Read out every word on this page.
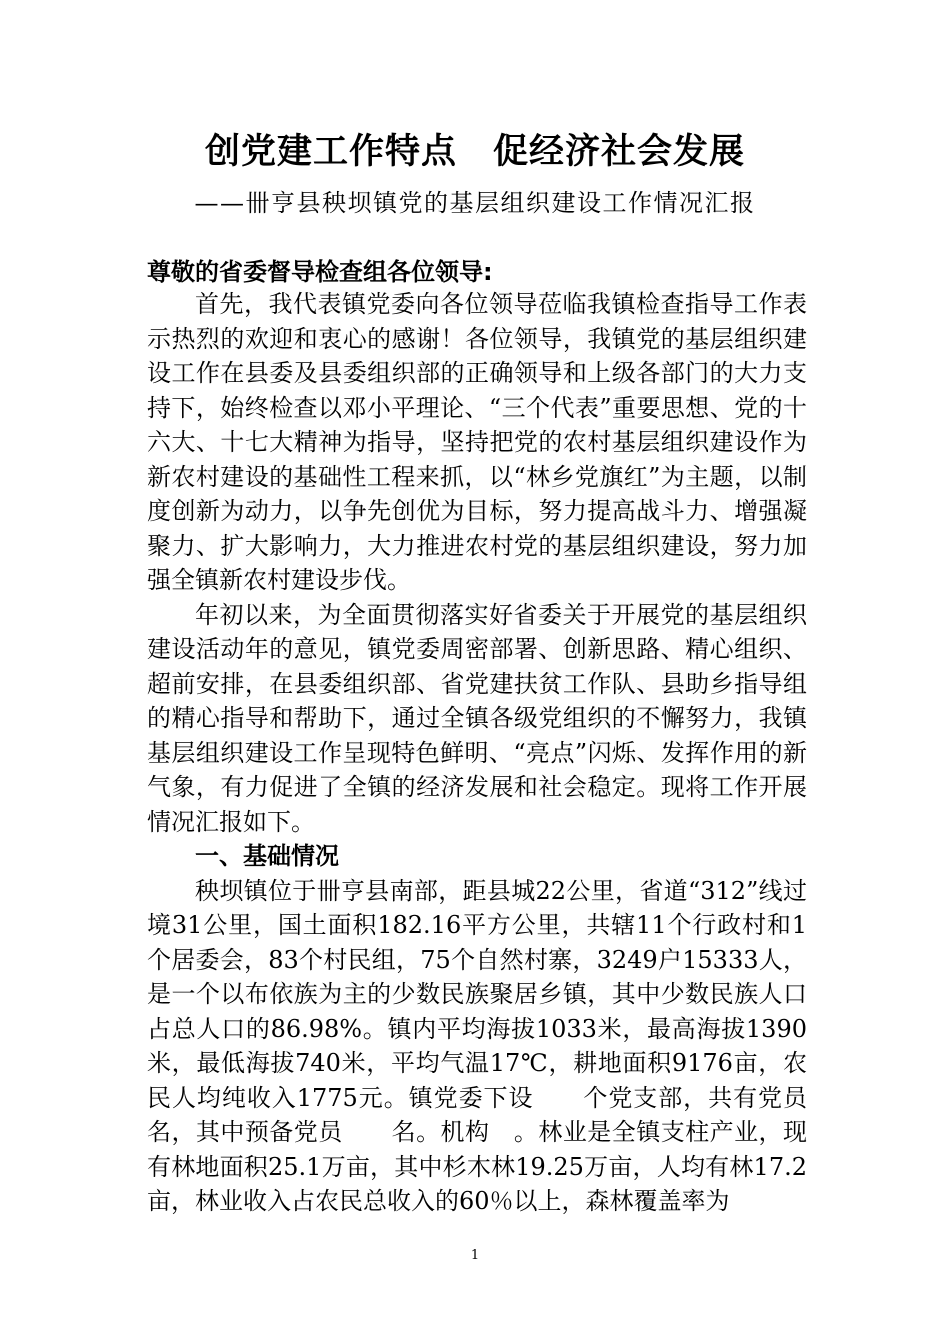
创党建工作特点　促经济社会发展
——卌亨县秧坝镇党的基层组织建设工作情况汇报
尊敬的省委督导检查组各位领导:

首先，我代表镇党委向各位领导莅临我镇检查指导工作表示热烈的欢迎和衷心的感谢！各位领导，我镇党的基层组织建设工作在县委及县委组织部的正确领导和上级各部门的大力支持下，始终检查以邓小平理论、“三个代表”重要思想、党的十六大、十七大精神为指导，坚持把党的农村基层组织建设作为新农村建设的基础性工程来抓，以“林乡党旗红”为主题，以制度创新为动力，以争先创优为目标，努力提高战斗力、增强凝聚力、扩大影响力，大力推进农村党的基层组织建设，努力加强全镇新农村建设步伐。

年初以来，为全面贯彻落实好省委关于开展党的基层组织建设活动年的意见，镇党委周密部署、创新思路、精心组织、超前安排，在县委组织部、省党建扶贫工作队、县助乡指导组的精心指导和帮助下，通过全镇各级党组织的不懈努力，我镇基层组织建设工作呈现特色鲜明、“亮点”闪烁、发挥作用的新气象，有力促进了全镇的经济发展和社会稳定。现将工作开展情况汇报如下。

一、基础情况

秧坝镇位于卌亨县南部，距县城22公里，省道“312”线过境31公里，国土面积182.16平方公里，共辖11个行政村和1个居委会，83个村民组，75个自然村寨，3249户15333人，是一个以布依族为主的少数民族聚居乡镇，其中少数民族人口占总人口的86.98%。镇内平均海拔1033米，最高海拔1390米，最低海拔740米，平均气温17℃，耕地面积9176亩，农民人均纯收入1775元。镇党委下设　　个党支部，共有党员　　名，其中预备党员　　名。机构　。林业是全镇支柱产业，现有林地面积25.1万亩，其中杉木林19.25万亩，人均有林17.2亩，林业收入占农民总收入的60％以上，森林覆盖率为

1
